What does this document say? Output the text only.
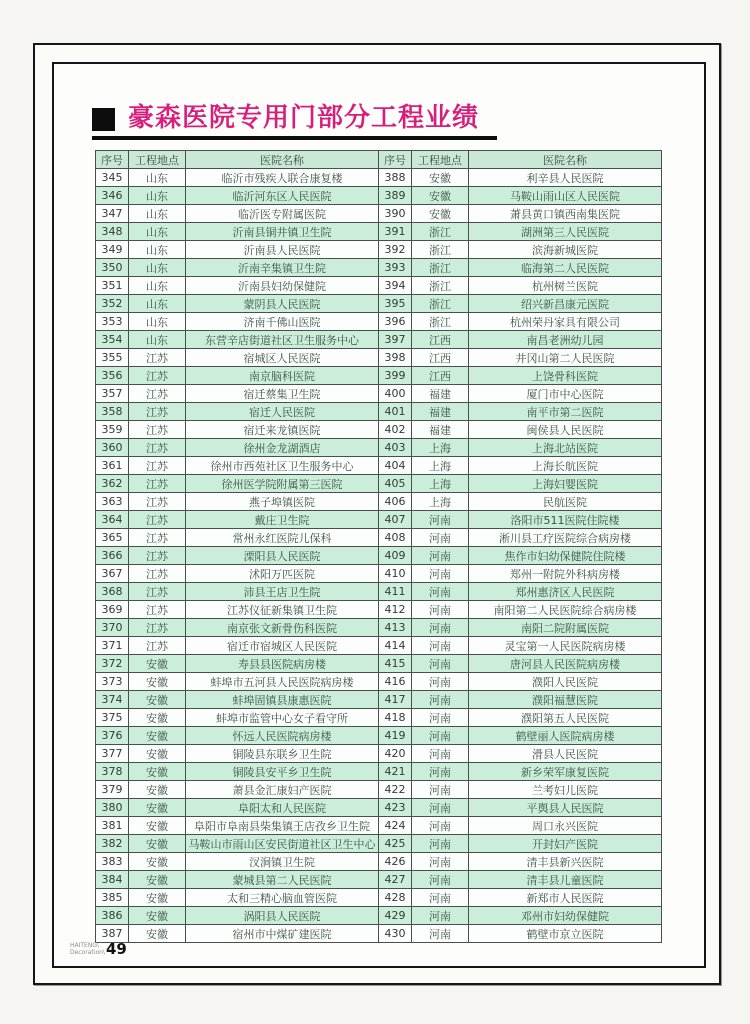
豪森医院专用门部分工程业绩
序号	工程地点	医院名称	序号	工程地点	医院名称
345	山东	临沂市残疾人联合康复楼	388	安徽	利辛县人民医院
346	山东	临沂河东区人民医院	389	安徽	马鞍山雨山区人民医院
347	山东	临沂医专附属医院	390	安徽	萧县黄口镇西南集医院
348	山东	沂南县铜井镇卫生院	391	浙江	湖洲第三人民医院
349	山东	沂南县人民医院	392	浙江	滨海新城医院
350	山东	沂南辛集镇卫生院	393	浙江	临海第二人民医院
351	山东	沂南县妇幼保健院	394	浙江	杭州树兰医院
352	山东	蒙阴县人民医院	395	浙江	绍兴新昌康元医院
353	山东	济南千佛山医院	396	浙江	杭州荣丹家具有限公司
354	山东	东营辛店街道社区卫生服务中心	397	江西	南昌老洲幼儿园
355	江苏	宿城区人民医院	398	江西	井冈山第二人民医院
356	江苏	南京脑科医院	399	江西	上饶骨科医院
357	江苏	宿迁蔡集卫生院	400	福建	厦门市中心医院
358	江苏	宿迁人民医院	401	福建	南平市第二医院
359	江苏	宿迁来龙镇医院	402	福建	闽侯县人民医院
360	江苏	徐州金龙湖酒店	403	上海	上海北站医院
361	江苏	徐州市西苑社区卫生服务中心	404	上海	上海长航医院
362	江苏	徐州医学院附属第三医院	405	上海	上海妇婴医院
363	江苏	燕子埠镇医院	406	上海	民航医院
364	江苏	戴庄卫生院	407	河南	洛阳市511医院住院楼
365	江苏	常州永红医院儿保科	408	河南	淅川县工疗医院综合病房楼
366	江苏	溧阳县人民医院	409	河南	焦作市妇幼保健院住院楼
367	江苏	沭阳万匹医院	410	河南	郑州一附院外科病房楼
368	江苏	沛县王店卫生院	411	河南	郑州惠济区人民医院
369	江苏	江苏仪征新集镇卫生院	412	河南	南阳第二人民医院综合病房楼
370	江苏	南京张文新骨伤科医院	413	河南	南阳二院附属医院
371	江苏	宿迁市宿城区人民医院	414	河南	灵宝第一人民医院病房楼
372	安徽	寿县县医院病房楼	415	河南	唐河县人民医院病房楼
373	安徽	蚌埠市五河县人民医院病房楼	416	河南	濮阳人民医院
374	安徽	蚌埠固镇县康惠医院	417	河南	濮阳福慧医院
375	安徽	蚌埠市监管中心女子看守所	418	河南	濮阳第五人民医院
376	安徽	怀远人民医院病房楼	419	河南	鹤壁丽人医院病房楼
377	安徽	铜陵县东联乡卫生院	420	河南	滑县人民医院
378	安徽	铜陵县安平乡卫生院	421	河南	新乡荣军康复医院
379	安徽	萧县金汇康妇产医院	422	河南	兰考妇儿医院
380	安徽	阜阳太和人民医院	423	河南	平舆县人民医院
381	安徽	阜阳市阜南县柴集镇王店孜乡卫生院	424	河南	周口永兴医院
382	安徽	马鞍山市雨山区安民街道社区卫生中心	425	河南	开封妇产医院
383	安徽	汊涧镇卫生院	426	河南	清丰县新兴医院
384	安徽	蒙城县第二人民医院	427	河南	清丰县儿童医院
385	安徽	太和三精心脑血管医院	428	河南	新郑市人民医院
386	安徽	涡阳县人民医院	429	河南	邓州市妇幼保健院
387	安徽	宿州市中煤矿建医院	430	河南	鹤壁市京立医院
HAITENG\
Decoration\ 49
